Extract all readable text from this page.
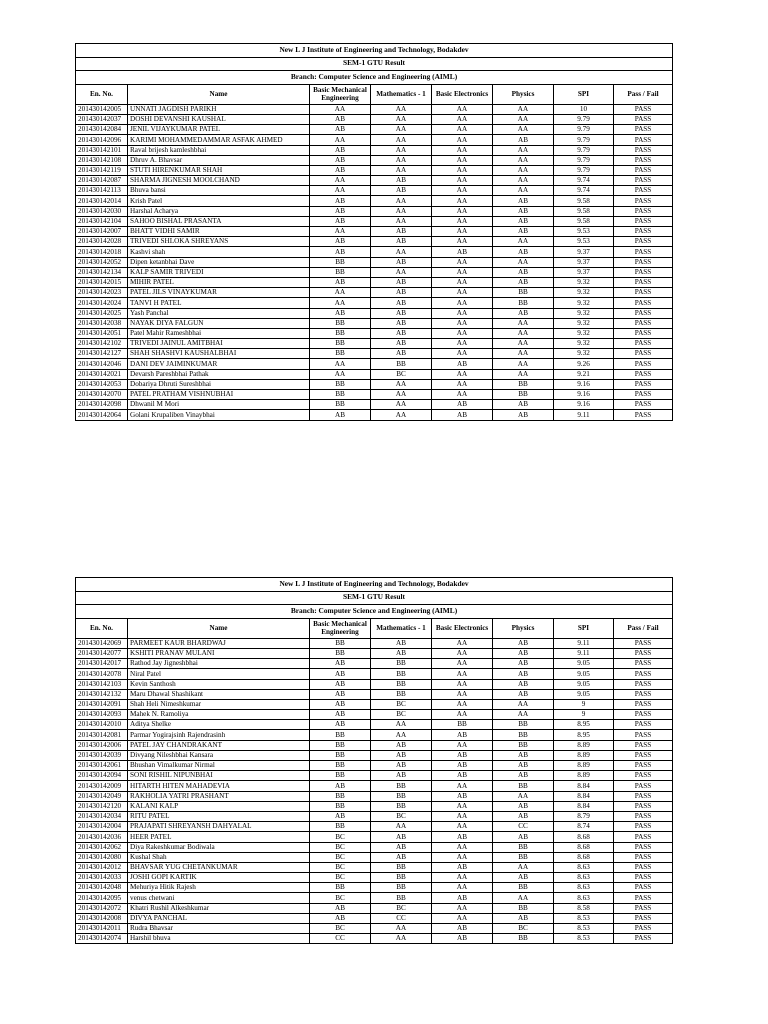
New L J Institute of Engineering and Technology, Bodakdev							
SEM-1 GTU Result							
Branch: Computer Science and Engineering (AIML)							
En. No.	Name	Basic Mechanical Engineering	Mathematics - 1	Basic Electronics	Physics	SPI	Pass / Fail
201430142005	UNNATI JAGDISH PARIKH	AA	AA	AA	AA	10	PASS
201430142037	DOSHI DEVANSHI KAUSHAL	AB	AA	AA	AA	9.79	PASS
201430142084	JENIL VIJAYKUMAR PATEL	AB	AA	AA	AA	9.79	PASS
201430142096	KARIMI MOHAMMEDAMMAR ASFAK AHMED	AA	AA	AA	AB	9.79	PASS
201430142101	Raval brijesh kamleshbhai	AB	AA	AA	AA	9.79	PASS
201430142108	Dhruv A. Bhavsar	AB	AA	AA	AA	9.79	PASS
201430142119	STUTI HIRENKUMAR SHAH	AB	AA	AA	AA	9.79	PASS
201430142087	SHARMA JIGNESH MOOLCHAND	AA	AB	AA	AA	9.74	PASS
201430142113	Bhuva bansi	AA	AB	AA	AA	9.74	PASS
201430142014	Krish Patel	AB	AA	AA	AB	9.58	PASS
201430142030	Harshal Acharya	AB	AA	AA	AB	9.58	PASS
201430142104	SAHOO BISHAL PRASANTA	AB	AA	AA	AB	9.58	PASS
201430142007	BHATT VIDHI SAMIR	AA	AB	AA	AB	9.53	PASS
201430142028	TRIVEDI SHLOKA SHREYANS	AB	AB	AA	AA	9.53	PASS
201430142018	Kashvi shah	AB	AA	AB	AB	9.37	PASS
201430142052	Dipen ketanbhai Dave	BB	AB	AA	AA	9.37	PASS
201430142134	KALP SAMIR TRIVEDI	BB	AA	AA	AB	9.37	PASS
201430142015	MIHIR PATEL	AB	AB	AA	AB	9.32	PASS
201430142023	PATEL JILS VINAYKUMAR	AA	AB	AA	BB	9.32	PASS
201430142024	TANVI H PATEL	AA	AB	AA	BB	9.32	PASS
201430142025	Yash Panchal	AB	AB	AA	AB	9.32	PASS
201430142038	NAYAK DIYA FALGUN	BB	AB	AA	AA	9.32	PASS
201430142051	Patel Mahir Rameshbhai	BB	AB	AA	AA	9.32	PASS
201430142102	TRIVEDI JAINUL AMITBHAI	BB	AB	AA	AA	9.32	PASS
201430142127	SHAH SHASHVI KAUSHALBHAI	BB	AB	AA	AA	9.32	PASS
201430142046	DANI DEV JAIMINKUMAR	AA	BB	AB	AA	9.26	PASS
201430142021	Devarsh Pareshbhai Pathak	AA	BC	AA	AA	9.21	PASS
201430142053	Dobariya Dhruti Sureshbhai	BB	AA	AA	BB	9.16	PASS
201430142070	PATEL PRATHAM VISHNUBHAI	BB	AA	AA	BB	9.16	PASS
201430142098	Dhwanil M Mori	BB	AA	AB	AB	9.16	PASS
201430142064	Golani Krupaliben Vinaybhai	AB	AA	AB	AB	9.11	PASS
New L J Institute of Engineering and Technology, Bodakdev							
SEM-1 GTU Result							
Branch: Computer Science and Engineering (AIML)							
En. No.	Name	Basic Mechanical Engineering	Mathematics - 1	Basic Electronics	Physics	SPI	Pass / Fail
201430142069	PARMEET KAUR BHARDWAJ	BB	AB	AA	AB	9.11	PASS
201430142077	KSHITI PRANAV MULANI	BB	AB	AA	AB	9.11	PASS
201430142017	Rathod Jay Jigneshbhai	AB	BB	AA	AB	9.05	PASS
201430142078	Niral Patel	AB	BB	AA	AB	9.05	PASS
201430142103	Kevin Santhosh	AB	BB	AA	AB	9.05	PASS
201430142132	Maru Dhawal Shashikant	AB	BB	AA	AB	9.05	PASS
201430142091	Shah Heli Nimeshkumar	AB	BC	AA	AA	9	PASS
201430142093	Mahek N. Ramoliya	AB	BC	AA	AA	9	PASS
201430142010	Aditya Shelke	AB	AA	BB	BB	8.95	PASS
201430142081	Parmar Yogirajsinh Rajendrasinh	BB	AA	AB	BB	8.95	PASS
201430142006	PATEL JAY CHANDRAKANT	BB	AB	AA	BB	8.89	PASS
201430142039	Divyang Nileshbhai Kansara	BB	AB	AB	AB	8.89	PASS
201430142061	Bhushan Vimalkumar Nirmal	BB	AB	AB	AB	8.89	PASS
201430142094	SONI RISHIL NIPUNBHAI	BB	AB	AB	AB	8.89	PASS
201430142009	HITARTH HITEN MAHADEVIA	AB	BB	AA	BB	8.84	PASS
201430142049	RAKHOLIA YATRI PRASHANT	BB	BB	AB	AA	8.84	PASS
201430142120	KALANI KALP	BB	BB	AA	AB	8.84	PASS
201430142034	RITU PATEL	AB	BC	AA	AB	8.79	PASS
201430142004	PRAJAPATI SHREYANSH DAHYALAL	BB	AA	AA	CC	8.74	PASS
201430142036	HEER PATEL	BC	AB	AB	AB	8.68	PASS
201430142062	Diya Rakeshkumar Bodiwala	BC	AB	AA	BB	8.68	PASS
201430142080	Kushal Shah	BC	AB	AA	BB	8.68	PASS
201430142012	BHAVSAR YUG CHETANKUMAR	BC	BB	AB	AA	8.63	PASS
201430142033	JOSHI GOPI KARTIK	BC	BB	AA	AB	8.63	PASS
201430142048	Mehuriya Hitik Rajesh	BB	BB	AA	BB	8.63	PASS
201430142095	venus chetwani	BC	BB	AB	AA	8.63	PASS
201430142072	Khatri Rushil Alkeshkumar	AB	BC	AA	BB	8.58	PASS
201430142008	DIVYA PANCHAL	AB	CC	AA	AB	8.53	PASS
201430142011	Rudra Bhavsar	BC	AA	AB	BC	8.53	PASS
201430142074	Harshil bhuva	CC	AA	AB	BB	8.53	PASS
